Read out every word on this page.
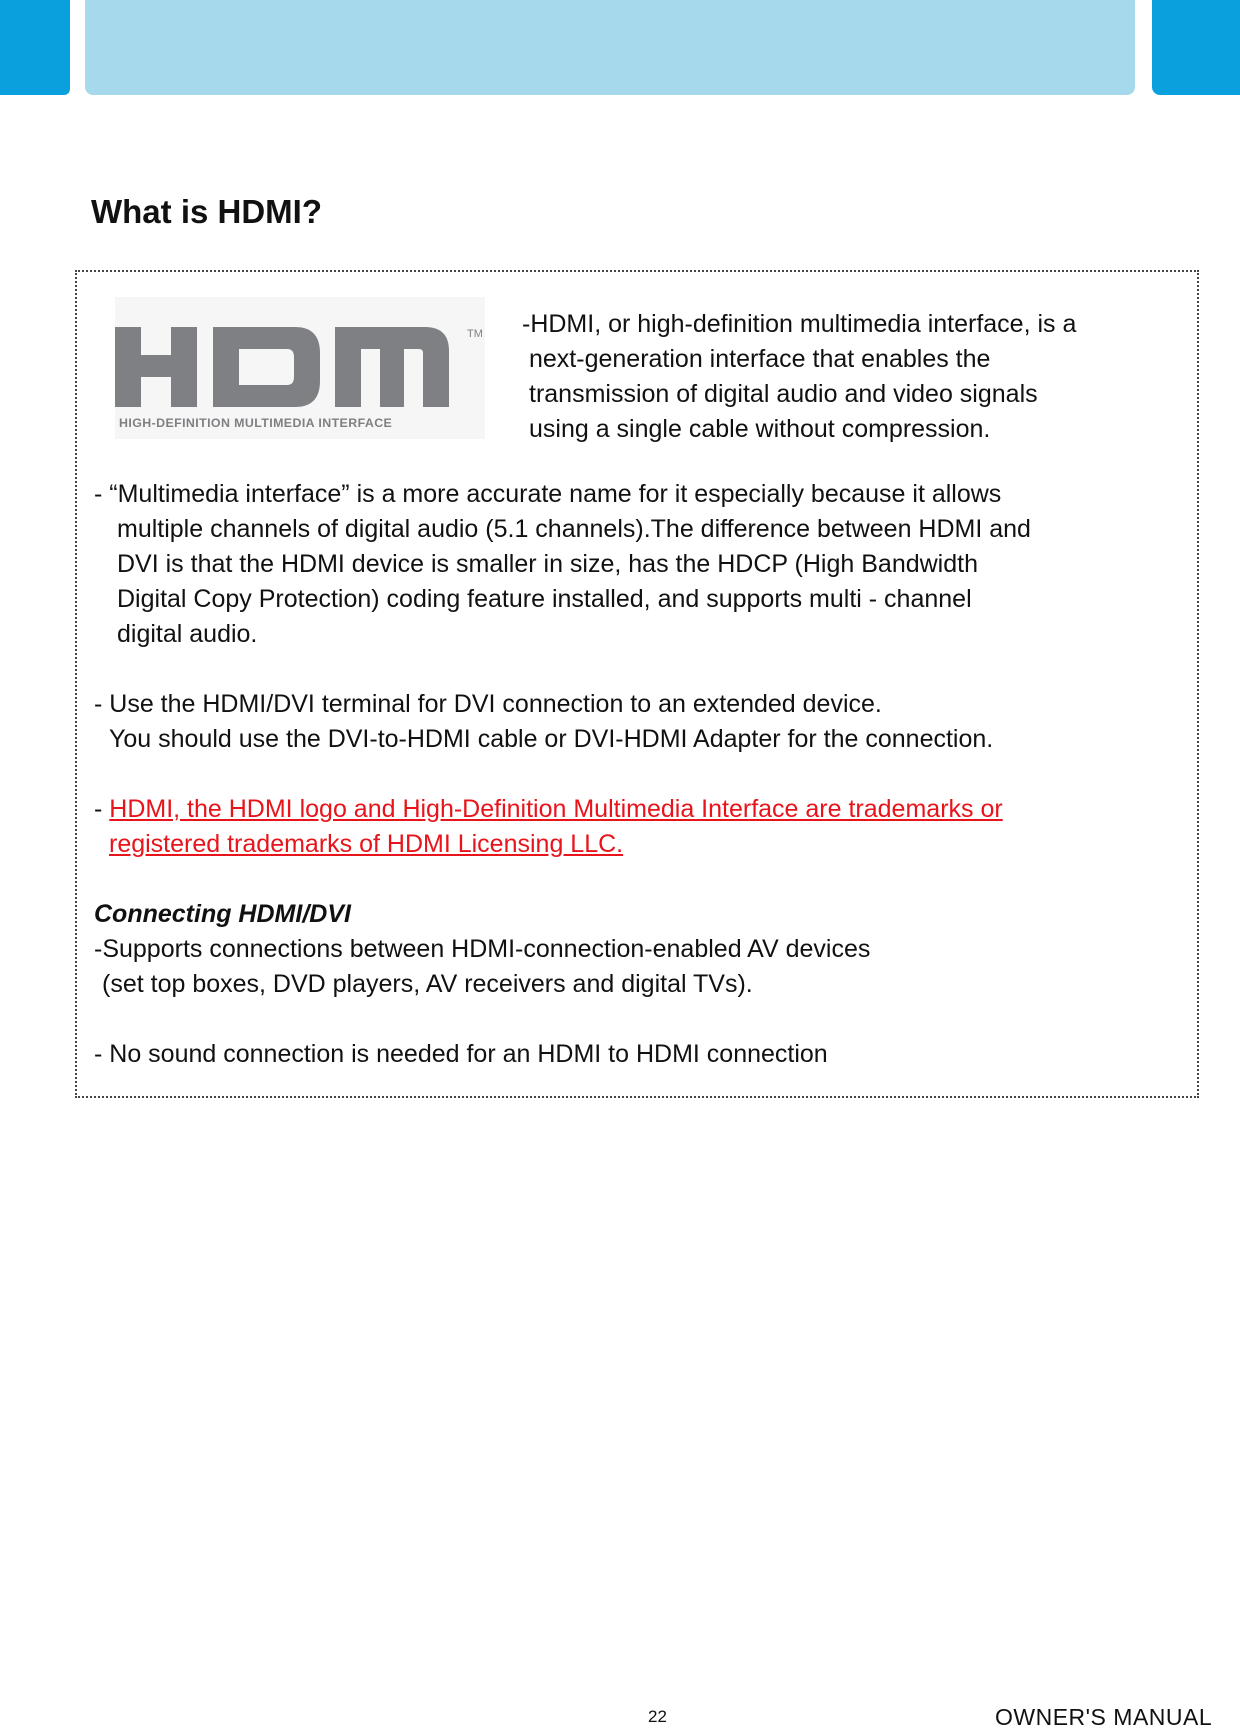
What is HDMI?
TM
HIGH-DEFINITION MULTIMEDIA INTERFACE
-HDMI, or high-definition multimedia interface, is a
next-generation interface that enables the
transmission of digital audio and video signals
using a single cable without compression.
- “Multimedia interface” is a more accurate name for it especially because it allows
multiple channels of digital audio (5.1 channels).The difference between HDMI and
DVI is that the HDMI device is smaller in size, has the HDCP (High Bandwidth
Digital Copy Protection) coding feature installed, and supports multi - channel
digital audio.
- Use the HDMI/DVI terminal for DVI connection to an extended device.
You should use the DVI-to-HDMI cable or DVI-HDMI Adapter for the connection.
- HDMI, the HDMI logo and High-Definition Multimedia Interface are trademarks or
registered trademarks of HDMI Licensing LLC.
Connecting HDMI/DVI
-Supports connections between HDMI-connection-enabled AV devices
(set top boxes, DVD players, AV receivers and digital TVs).
- No sound connection is needed for an HDMI to HDMI connection
22	OWNER'S MANUAL
